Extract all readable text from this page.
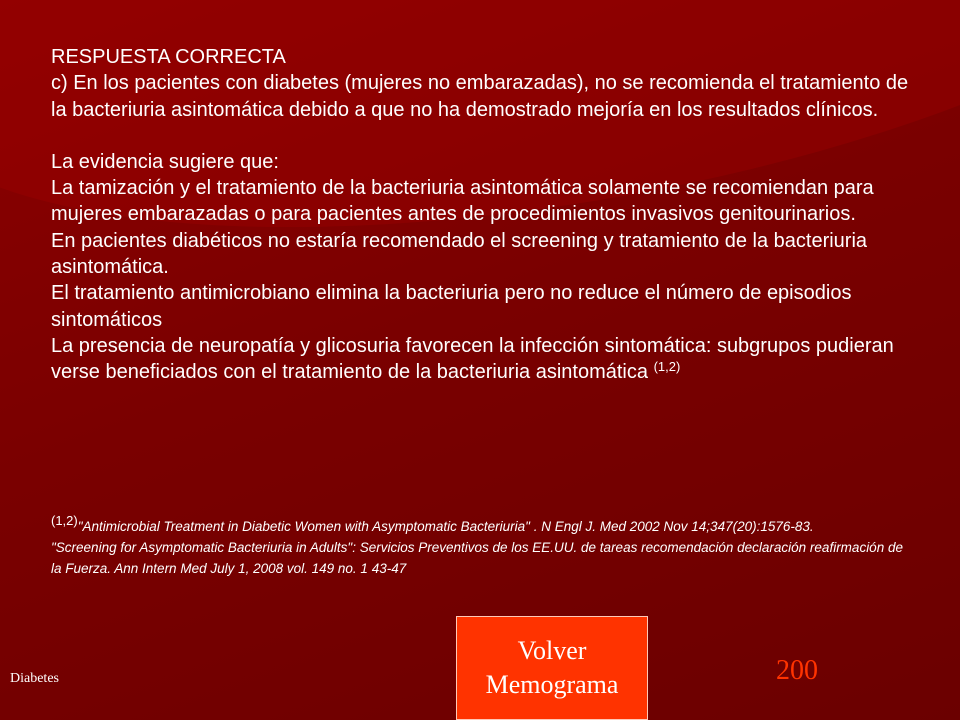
RESPUESTA CORRECTA

c) En los pacientes con diabetes (mujeres no embarazadas), no se recomienda el tratamiento de la bacteriuria asintomática debido a que no ha demostrado mejoría en los resultados clínicos.

La evidencia sugiere que:

La tamización y el tratamiento de la bacteriuria asintomática solamente se recomiendan para mujeres embarazadas o para pacientes antes de procedimientos invasivos genitourinarios.

En pacientes diabéticos no estaría recomendado el screening y tratamiento de la bacteriuria asintomática.

El tratamiento antimicrobiano elimina la bacteriuria pero no reduce el número de episodios sintomáticos

La presencia de neuropatía y glicosuria favorecen la infección sintomática: subgrupos pudieran verse beneficiados con el tratamiento de la bacteriuria asintomática $^{(1,2)}$

(1,2)"Antimicrobial Treatment in Diabetic Women with Asymptomatic Bacteriuria" . N Engl J. Med 2002 Nov 14;347(20):1576-83.

"Screening for Asymptomatic Bacteriuria in Adults": Servicios Preventivos de los EE.UU. de tareas recomendación declaración reafirmación de la Fuerza. Ann Intern Med July 1, 2008 vol. 149 no. 1 43-47

Diabetes
Volver
Memograma	200
